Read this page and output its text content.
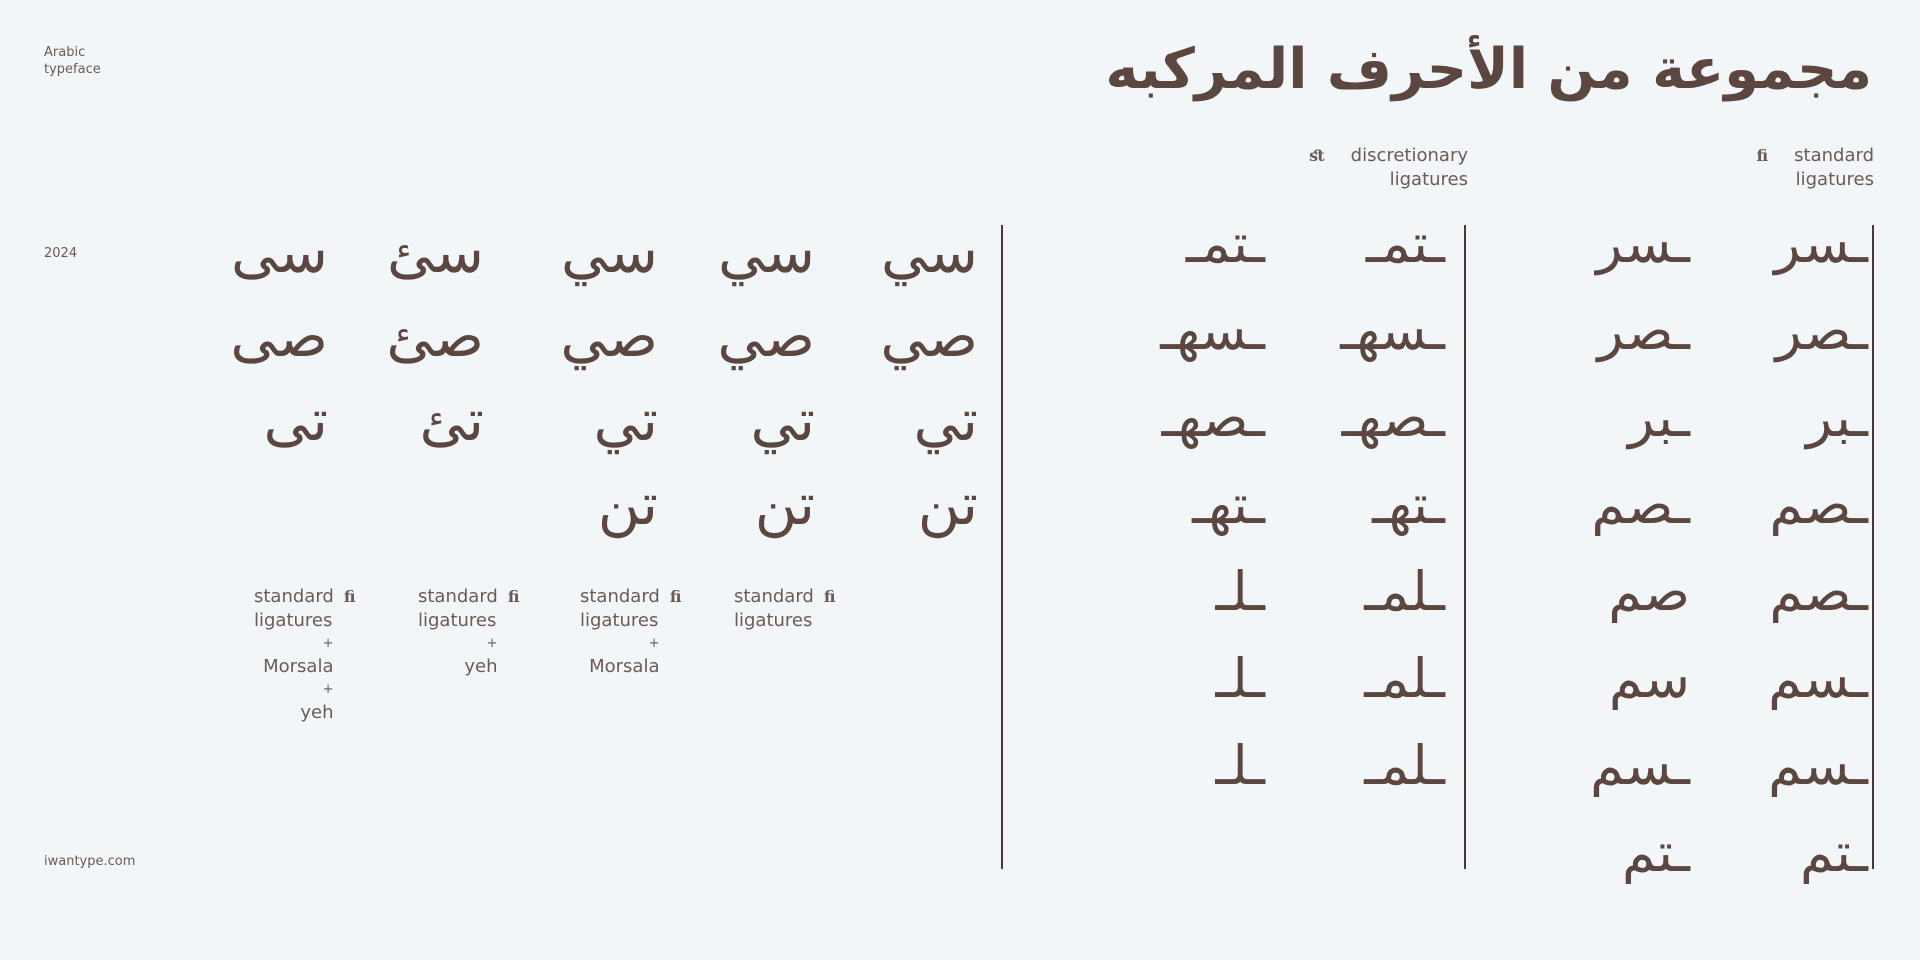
Arabic
typeface
2024
iwantype.com
مجموعة من الأحرف المركبه
fi standard
ligatures
ﬆ discretionary
ligatures
ـسر
ـصر
ـبر
ـصم
ـصم
ـسم
ـسم
ـتم
ـسر
ـصر
ـبر
ـصم
صم
سم
ـسم
ـتم
ـتمـ
ـسهـ
ـصهـ
ـتهـ
ـلمـ
ـلمـ
ـلمـ
ـتمـ
ـسهـ
ـصهـ
ـتهـ
ـلـ
ـلـ
ـلـ
سي
صي
تي
تن
سي
صي
تي
تن
سي
صي
تي
تن
سئ
صئ
تئ
سى
صى
تى
standard fi
ligatures
standard fi
ligatures
+
Morsala
standard fi
ligatures
+
yeh
standard fi
ligatures
+
Morsala
+
yeh
